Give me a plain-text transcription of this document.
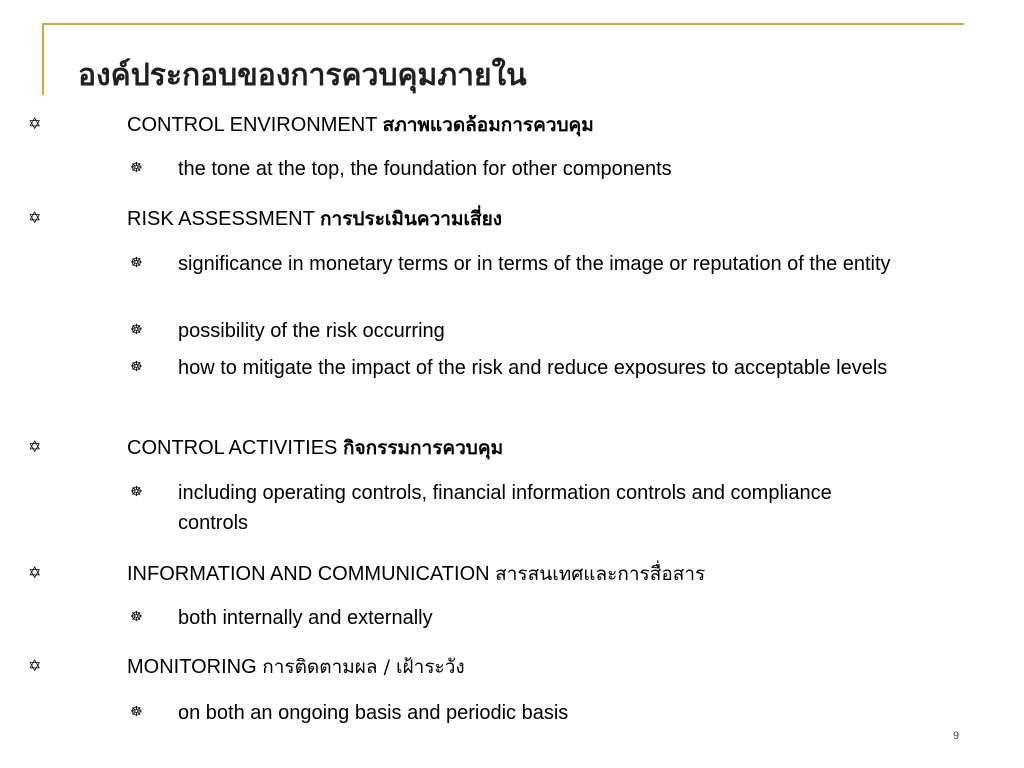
องค์ประกอบของการควบคุมภายใน
✡	CONTROL ENVIRONMENT สภาพแวดล้อมการควบคุม
☸ the tone at the top, the foundation for other components
✡	RISK ASSESSMENT การประเมินความเสี่ยง
☸ significance in monetary terms or in terms of the image or reputation of the entity
☸ possibility of the risk occurring
☸ how to mitigate the impact of the risk and reduce exposures to acceptable levels
✡	CONTROL ACTIVITIES กิจกรรมการควบคุม
☸ including operating controls, financial information controls and compliance controls
✡	INFORMATION AND COMMUNICATION สารสนเทศและการสื่อสาร
☸ both internally and externally
✡	MONITORING การติดตามผล / เฝ้าระวัง
☸ on both an ongoing basis and periodic basis
9
